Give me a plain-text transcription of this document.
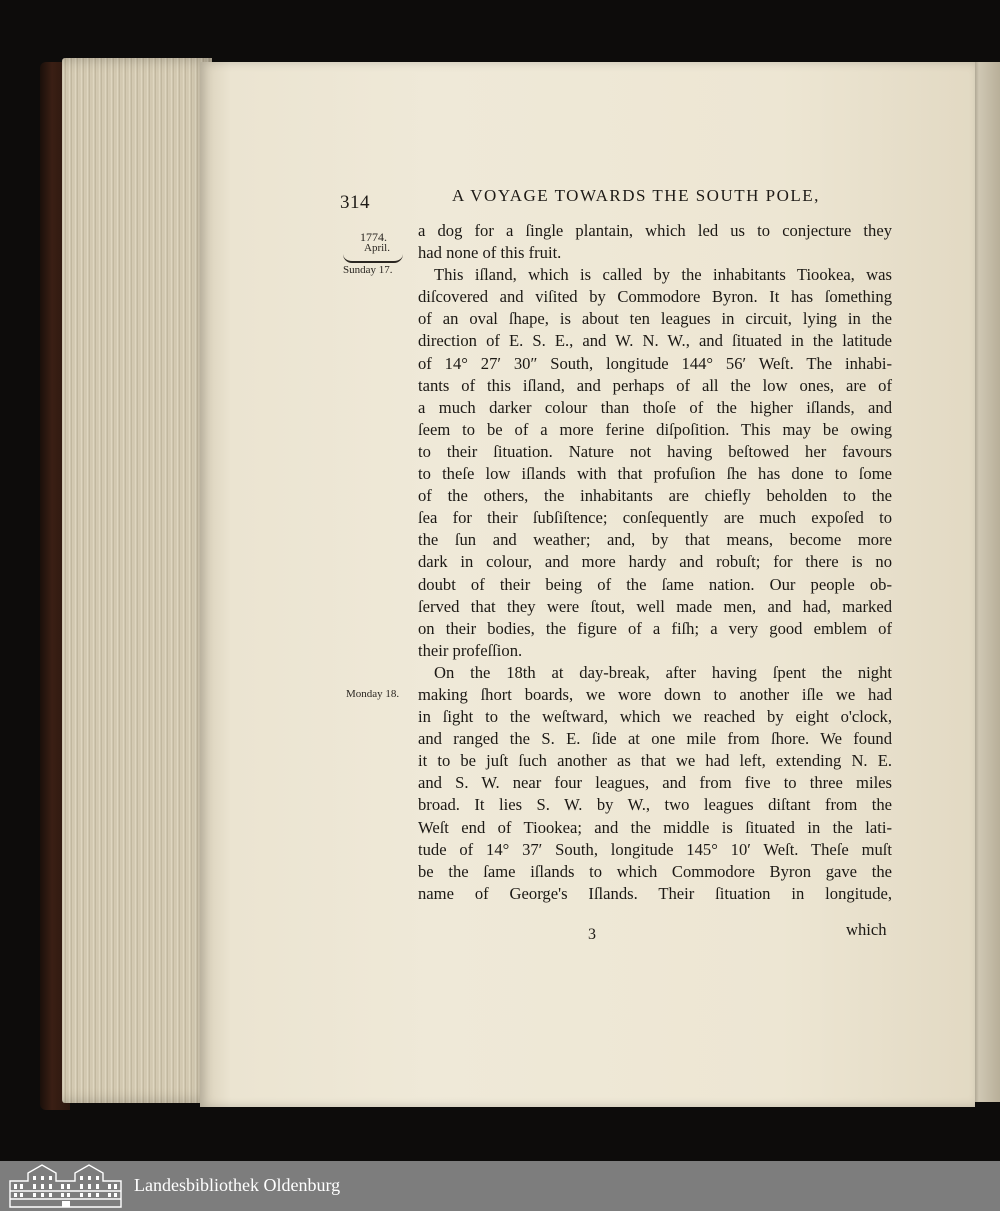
314	A VOYAGE TOWARDS THE SOUTH POLE,
1774.
April.
Sunday 17.
Monday 18.
a dog for a ſingle plantain, which led us to conjecture they
had none of this fruit.
This iſland, which is called by the inhabitants Tiookea, was
diſcovered and viſited by Commodore Byron. It has ſomething
of an oval ſhape, is about ten leagues in circuit, lying in the
direction of E. S. E., and W. N. W., and ſituated in the latitude
of 14° 27′ 30″ South, longitude 144° 56′ Weſt. The inhabi-
tants of this iſland, and perhaps of all the low ones, are of
a much darker colour than thoſe of the higher iſlands, and
ſeem to be of a more ferine diſpoſition. This may be owing
to their ſituation. Nature not having beſtowed her favours
to theſe low iſlands with that profuſion ſhe has done to ſome
of the others, the inhabitants are chiefly beholden to the
ſea for their ſubſiſtence; conſequently are much expoſed to
the ſun and weather; and, by that means, become more
dark in colour, and more hardy and robuſt; for there is no
doubt of their being of the ſame nation. Our people ob-
ſerved that they were ſtout, well made men, and had, marked
on their bodies, the figure of a fiſh; a very good emblem of
their profeſſion.
On the 18th at day-break, after having ſpent the night
making ſhort boards, we wore down to another iſle we had
in ſight to the weſtward, which we reached by eight o'clock,
and ranged the S. E. ſide at one mile from ſhore. We found
it to be juſt ſuch another as that we had left, extending N. E.
and S. W. near four leagues, and from five to three miles
broad. It lies S. W. by W., two leagues diſtant from the
Weſt end of Tiookea; and the middle is ſituated in the lati-
tude of 14° 37′ South, longitude 145° 10′ Weſt. Theſe muſt
be the ſame iſlands to which Commodore Byron gave the
name of George's Iſlands. Their ſituation in longitude,
3	which
Landesbibliothek Oldenburg
